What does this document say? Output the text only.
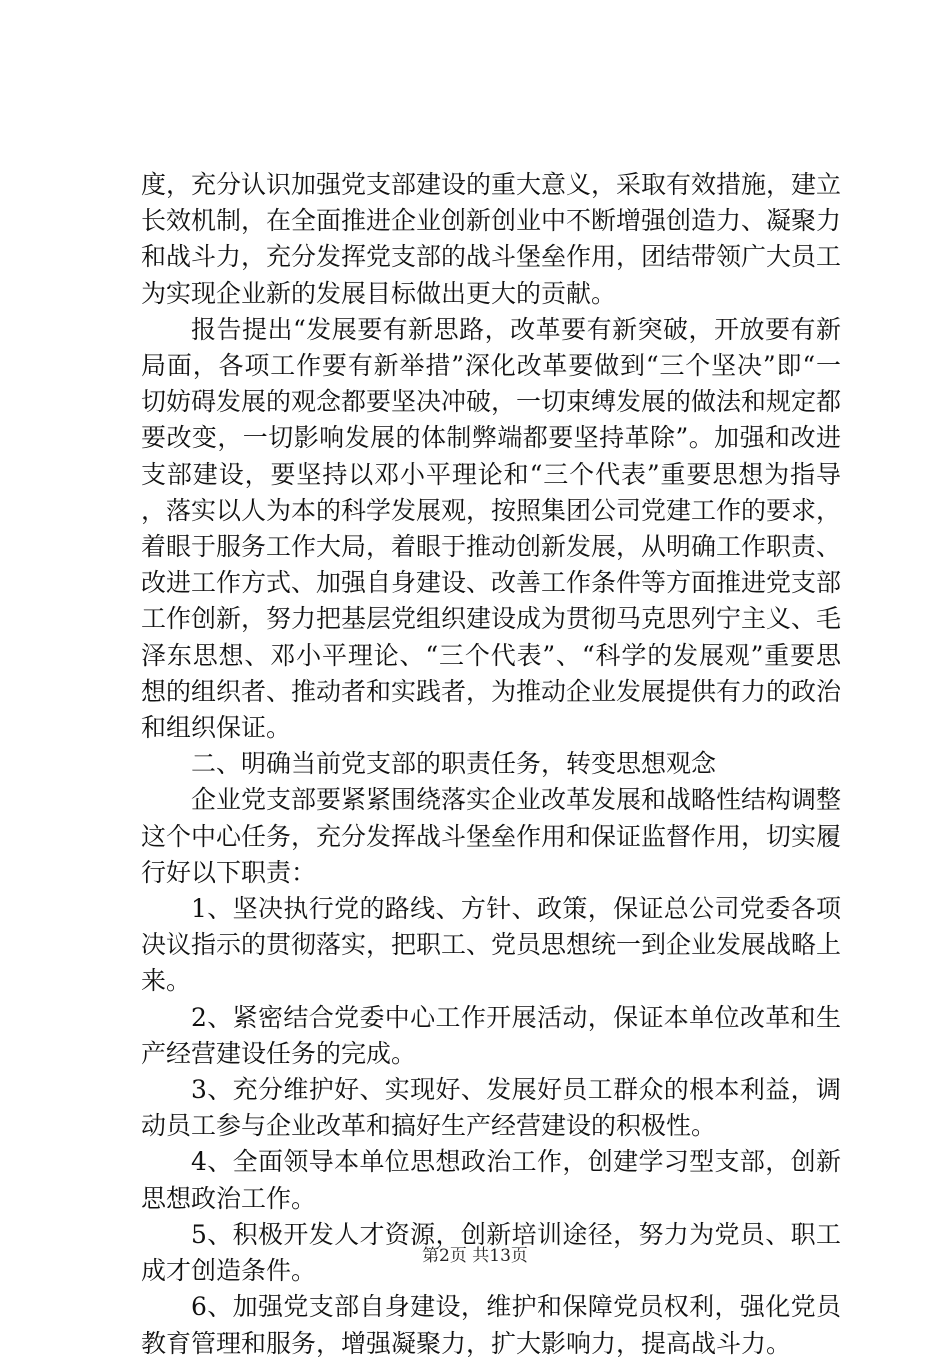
度，充分认识加强党支部建设的重大意义，采取有效措施，建立长效机制，在全面推进企业创新创业中不断增强创造力、凝聚力和战斗力，充分发挥党支部的战斗堡垒作用，团结带领广大员工为实现企业新的发展目标做出更大的贡献。

报告提出“发展要有新思路，改革要有新突破，开放要有新局面，各项工作要有新举措”深化改革要做到“三个坚决”即“一切妨碍发展的观念都要坚决冲破，一切束缚发展的做法和规定都要改变，一切影响发展的体制弊端都要坚持革除”。加强和改进支部建设，要坚持以邓小平理论和“三个代表”重要思想为指导，落实以人为本的科学发展观，按照集团公司党建工作的要求，着眼于服务工作大局，着眼于推动创新发展，从明确工作职责、改进工作方式、加强自身建设、改善工作条件等方面推进党支部工作创新，努力把基层党组织建设成为贯彻马克思列宁主义、毛泽东思想、邓小平理论、“三个代表”、“科学的发展观”重要思想的组织者、推动者和实践者，为推动企业发展提供有力的政治和组织保证。

二、明确当前党支部的职责任务，转变思想观念

企业党支部要紧紧围绕落实企业改革发展和战略性结构调整这个中心任务，充分发挥战斗堡垒作用和保证监督作用，切实履行好以下职责：

1、坚决执行党的路线、方针、政策，保证总公司党委各项决议指示的贯彻落实，把职工、党员思想统一到企业发展战略上来。

2、紧密结合党委中心工作开展活动，保证本单位改革和生产经营建设任务的完成。

3、充分维护好、实现好、发展好员工群众的根本利益，调动员工参与企业改革和搞好生产经营建设的积极性。

4、全面领导本单位思想政治工作，创建学习型支部，创新思想政治工作。

5、积极开发人才资源，创新培训途径，努力为党员、职工成才创造条件。

6、加强党支部自身建设，维护和保障党员权利，强化党员教育管理和服务，增强凝聚力，扩大影响力，提高战斗力。

第2页 共13页
